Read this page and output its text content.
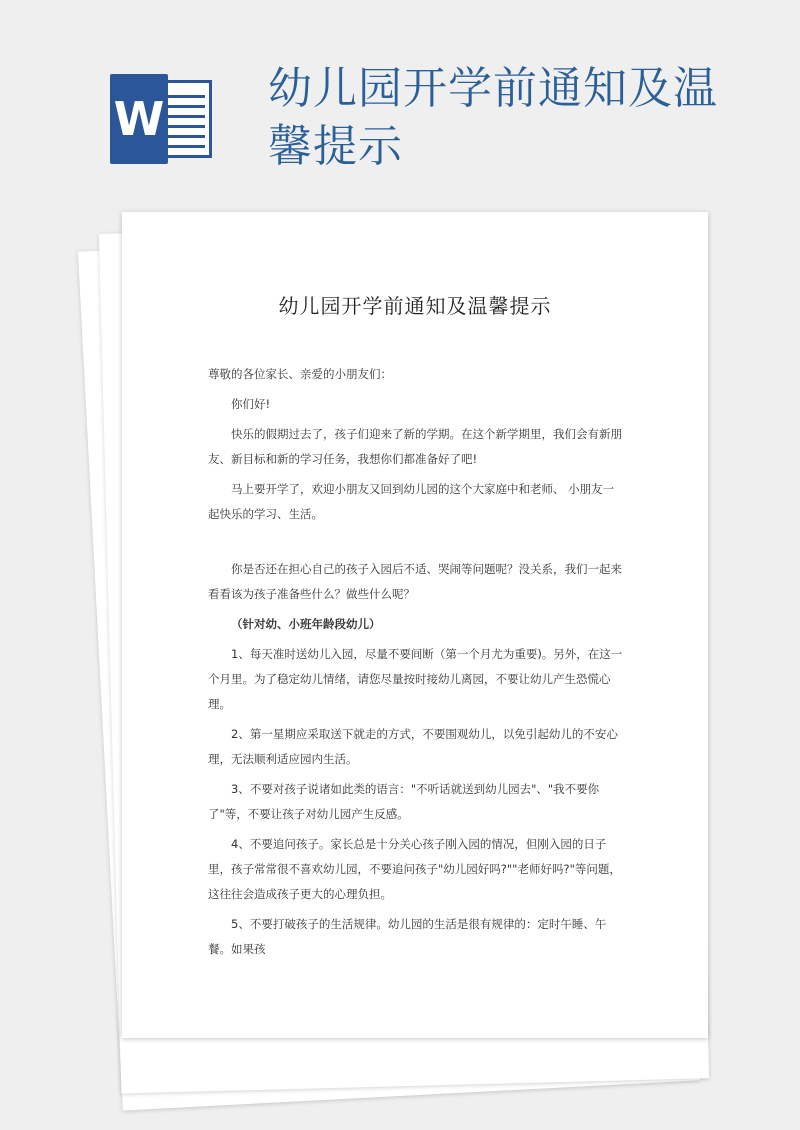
W
幼儿园开学前通知及温馨提示
幼儿园开学前通知及温馨提示

尊敬的各位家长、亲爱的小朋友们：

你们好!

快乐的假期过去了，孩子们迎来了新的学期。在这个新学期里，我们会有新朋友、新目标和新的学习任务，我想你们都准备好了吧!

马上要开学了，欢迎小朋友又回到幼儿园的这个大家庭中和老师、 小朋友一起快乐的学习、生活。

你是否还在担心自己的孩子入园后不适、哭闹等问题呢？没关系，我们一起来看看该为孩子准备些什么？做些什么呢？

（针对幼、小班年龄段幼儿）

1、每天准时送幼儿入园，尽量不要间断（第一个月尤为重要)。另外，在这一个月里。为了稳定幼儿情绪，请您尽量按时接幼儿离园，不要让幼儿产生恐慌心理。

2、第一星期应采取送下就走的方式，不要围观幼儿，以免引起幼儿的不安心理，无法顺利适应园内生活。

3、不要对孩子说诸如此类的语言："不听话就送到幼儿园去"、"我不要你了"等，不要让孩子对幼儿园产生反感。

4、不要追问孩子。家长总是十分关心孩子刚入园的情况，但刚入园的日子里，孩子常常很不喜欢幼儿园，不要追问孩子"幼儿园好吗?""老师好吗?"等问题，这往往会造成孩子更大的心理负担。

5、不要打破孩子的生活规律。幼儿园的生活是很有规律的：定时午睡、午餐。如果孩
